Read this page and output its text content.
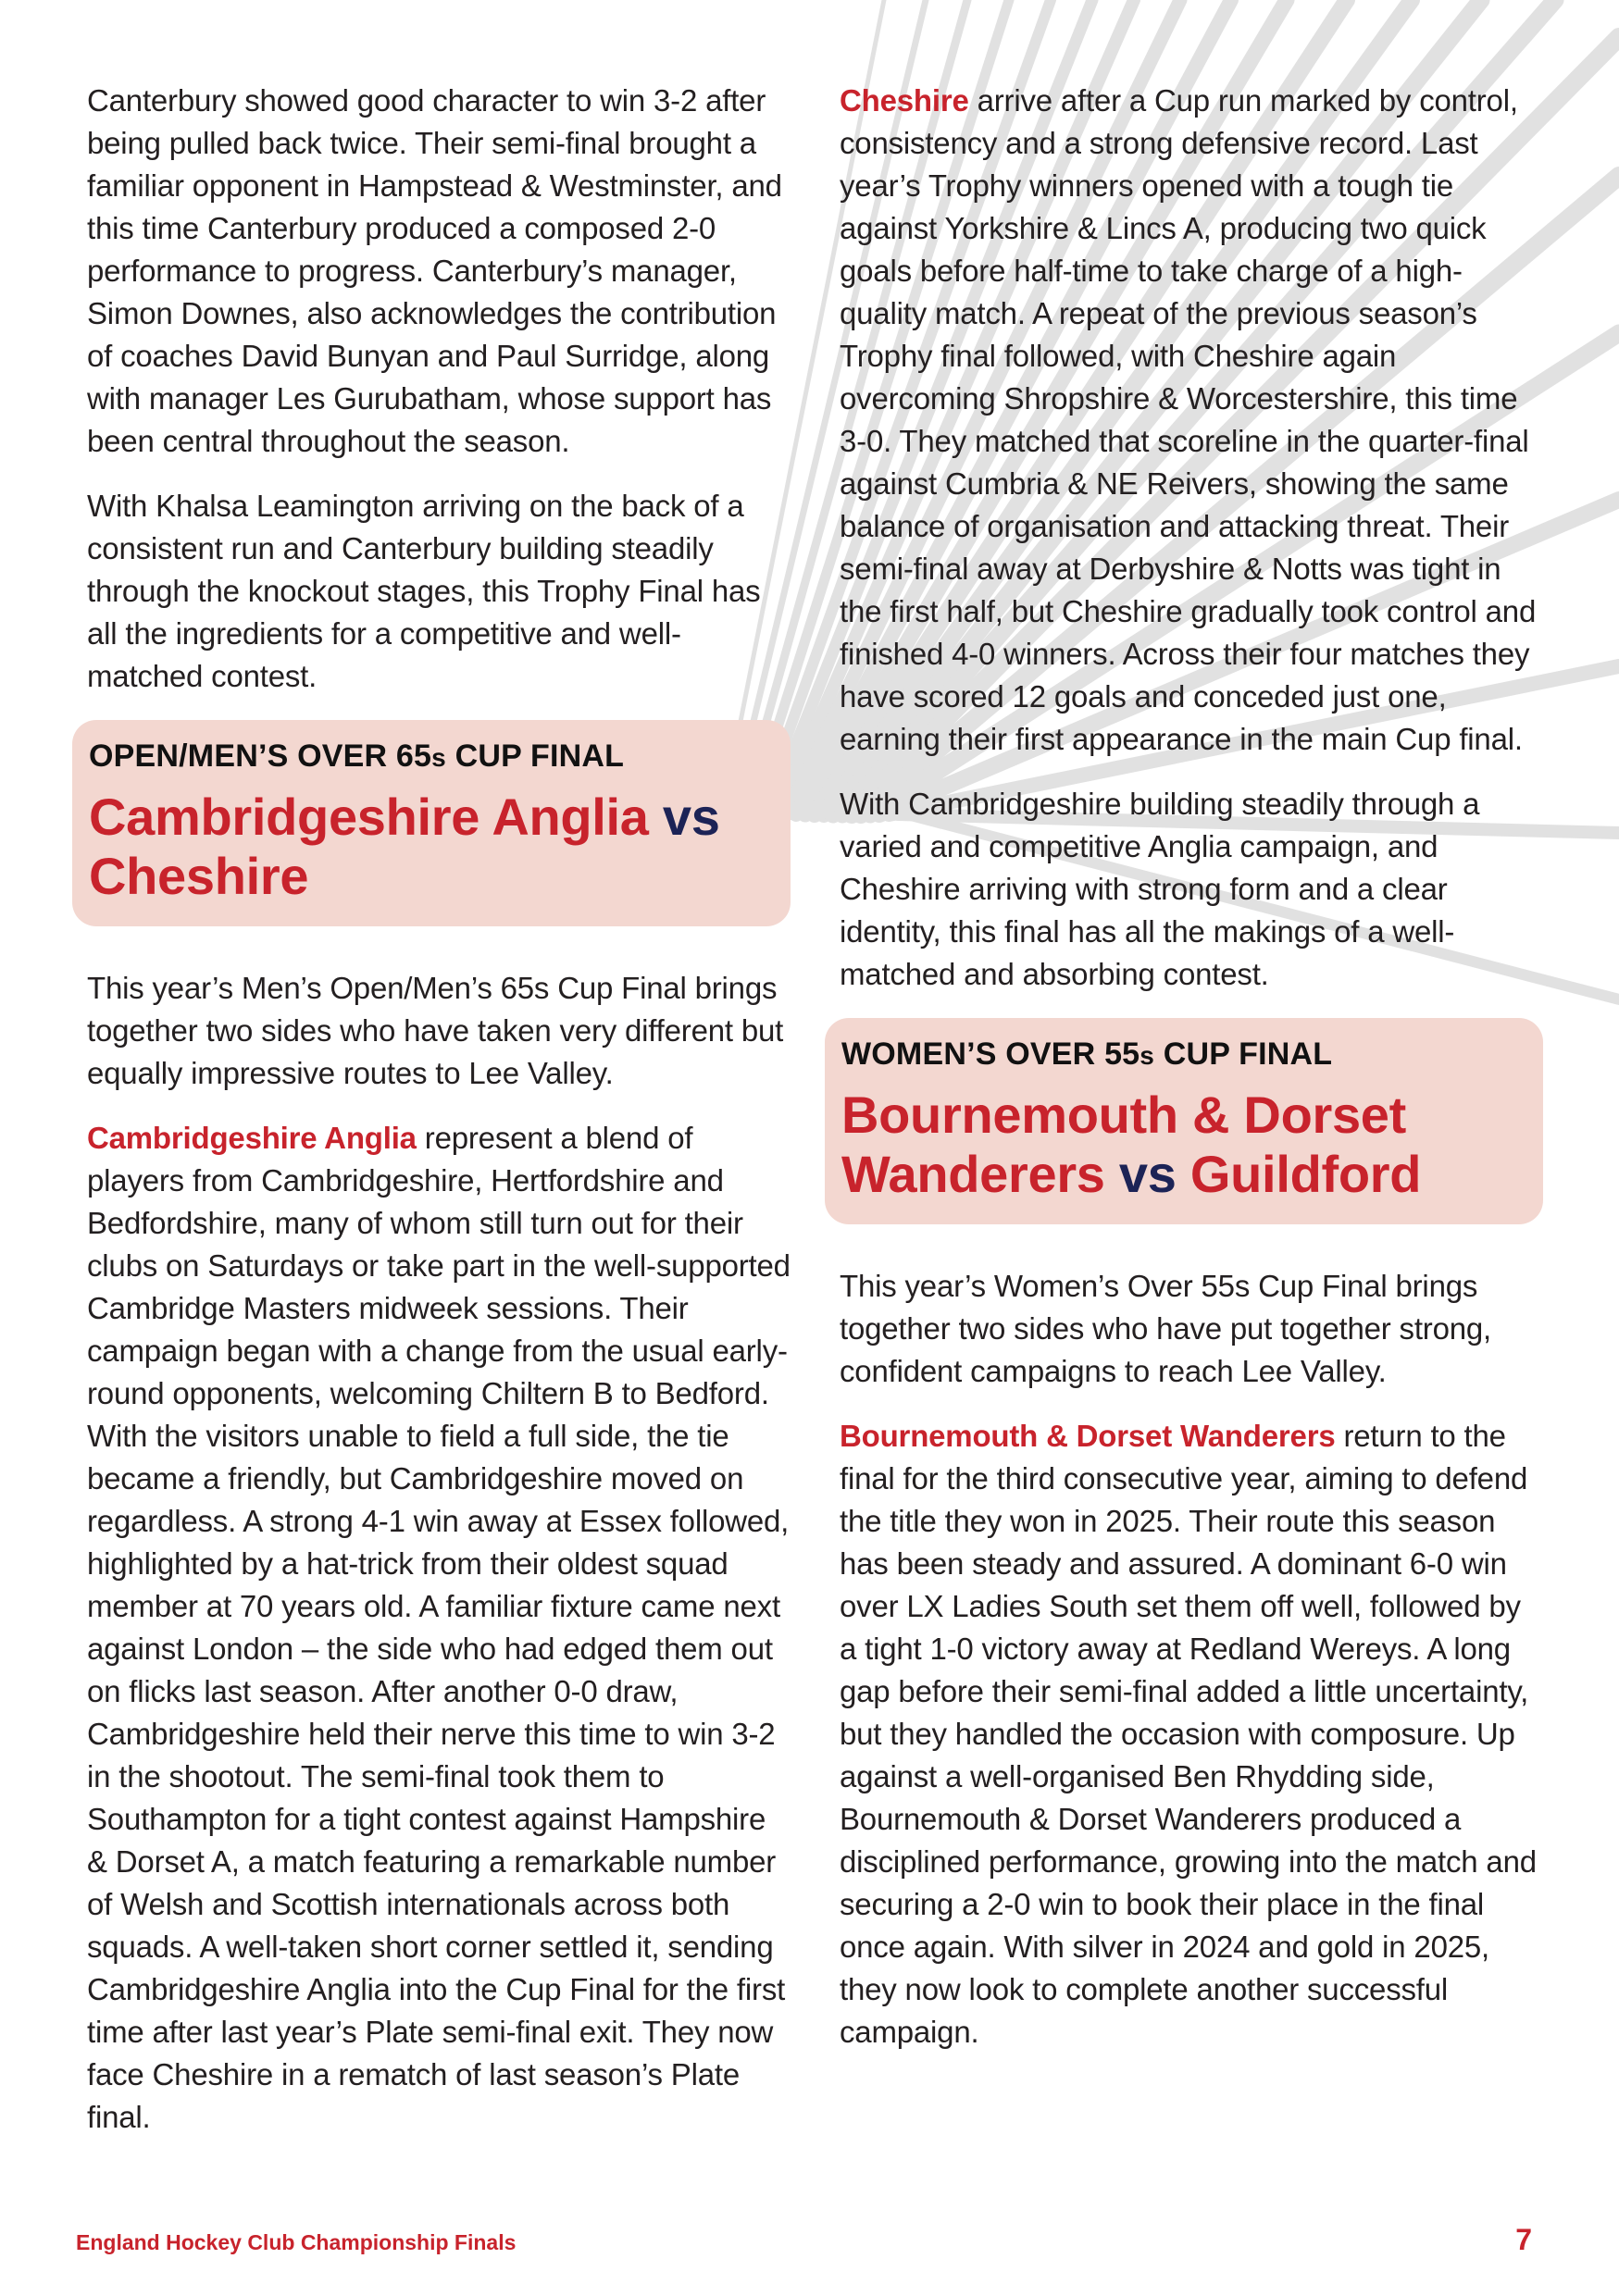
Canterbury showed good character to win 3-2 after being pulled back twice. Their semi-final brought a familiar opponent in Hampstead & Westminster, and this time Canterbury produced a composed 2-0 performance to progress. Canterbury’s manager, Simon Downes, also acknowledges the contribution of coaches David Bunyan and Paul Surridge, along with manager Les Gurubatham, whose support has been central throughout the season.

With Khalsa Leamington arriving on the back of a consistent run and Canterbury building steadily through the knockout stages, this Trophy Final has all the ingredients for a competitive and well-matched contest.

OPEN/MEN’S OVER 65s CUP FINAL
Cambridgeshire Anglia vs
Cheshire

This year’s Men’s Open/Men’s 65s Cup Final brings together two sides who have taken very different but equally impressive routes to Lee Valley.

Cambridgeshire Anglia represent a blend of players from Cambridgeshire, Hertfordshire and Bedfordshire, many of whom still turn out for their clubs on Saturdays or take part in the well-supported Cambridge Masters midweek sessions. Their campaign began with a change from the usual early-round opponents, welcoming Chiltern B to Bedford. With the visitors unable to field a full side, the tie became a friendly, but Cambridgeshire moved on regardless. A strong 4-1 win away at Essex followed, highlighted by a hat-trick from their oldest squad member at 70 years old. A familiar fixture came next against London – the side who had edged them out on flicks last season. After another 0-0 draw, Cambridgeshire held their nerve this time to win 3-2 in the shootout. The semi-final took them to Southampton for a tight contest against Hampshire & Dorset A, a match featuring a remarkable number of Welsh and Scottish internationals across both squads. A well-taken short corner settled it, sending Cambridgeshire Anglia into the Cup Final for the first time after last year’s Plate semi-final exit. They now face Cheshire in a rematch of last season’s Plate final.

Cheshire arrive after a Cup run marked by control, consistency and a strong defensive record. Last year’s Trophy winners opened with a tough tie against Yorkshire & Lincs A, producing two quick goals before half-time to take charge of a high-quality match. A repeat of the previous season’s Trophy final followed, with Cheshire again overcoming Shropshire & Worcestershire, this time 3-0. They matched that scoreline in the quarter-final against Cumbria & NE Reivers, showing the same balance of organisation and attacking threat. Their semi-final away at Derbyshire & Notts was tight in the first half, but Cheshire gradually took control and finished 4-0 winners. Across their four matches they have scored 12 goals and conceded just one, earning their first appearance in the main Cup final.

With Cambridgeshire building steadily through a varied and competitive Anglia campaign, and Cheshire arriving with strong form and a clear identity, this final has all the makings of a well-matched and absorbing contest.

WOMEN’S OVER 55s CUP FINAL
Bournemouth & Dorset Wanderers vs Guildford

This year’s Women’s Over 55s Cup Final brings together two sides who have put together strong, confident campaigns to reach Lee Valley.

Bournemouth & Dorset Wanderers return to the final for the third consecutive year, aiming to defend the title they won in 2025. Their route this season has been steady and assured. A dominant 6-0 win over LX Ladies South set them off well, followed by a tight 1-0 victory away at Redland Wereys. A long gap before their semi-final added a little uncertainty, but they handled the occasion with composure. Up against a well-organised Ben Rhydding side, Bournemouth & Dorset Wanderers produced a disciplined performance, growing into the match and securing a 2-0 win to book their place in the final once again. With silver in 2024 and gold in 2025, they now look to complete another successful campaign.

England Hockey Club Championship Finals	7
